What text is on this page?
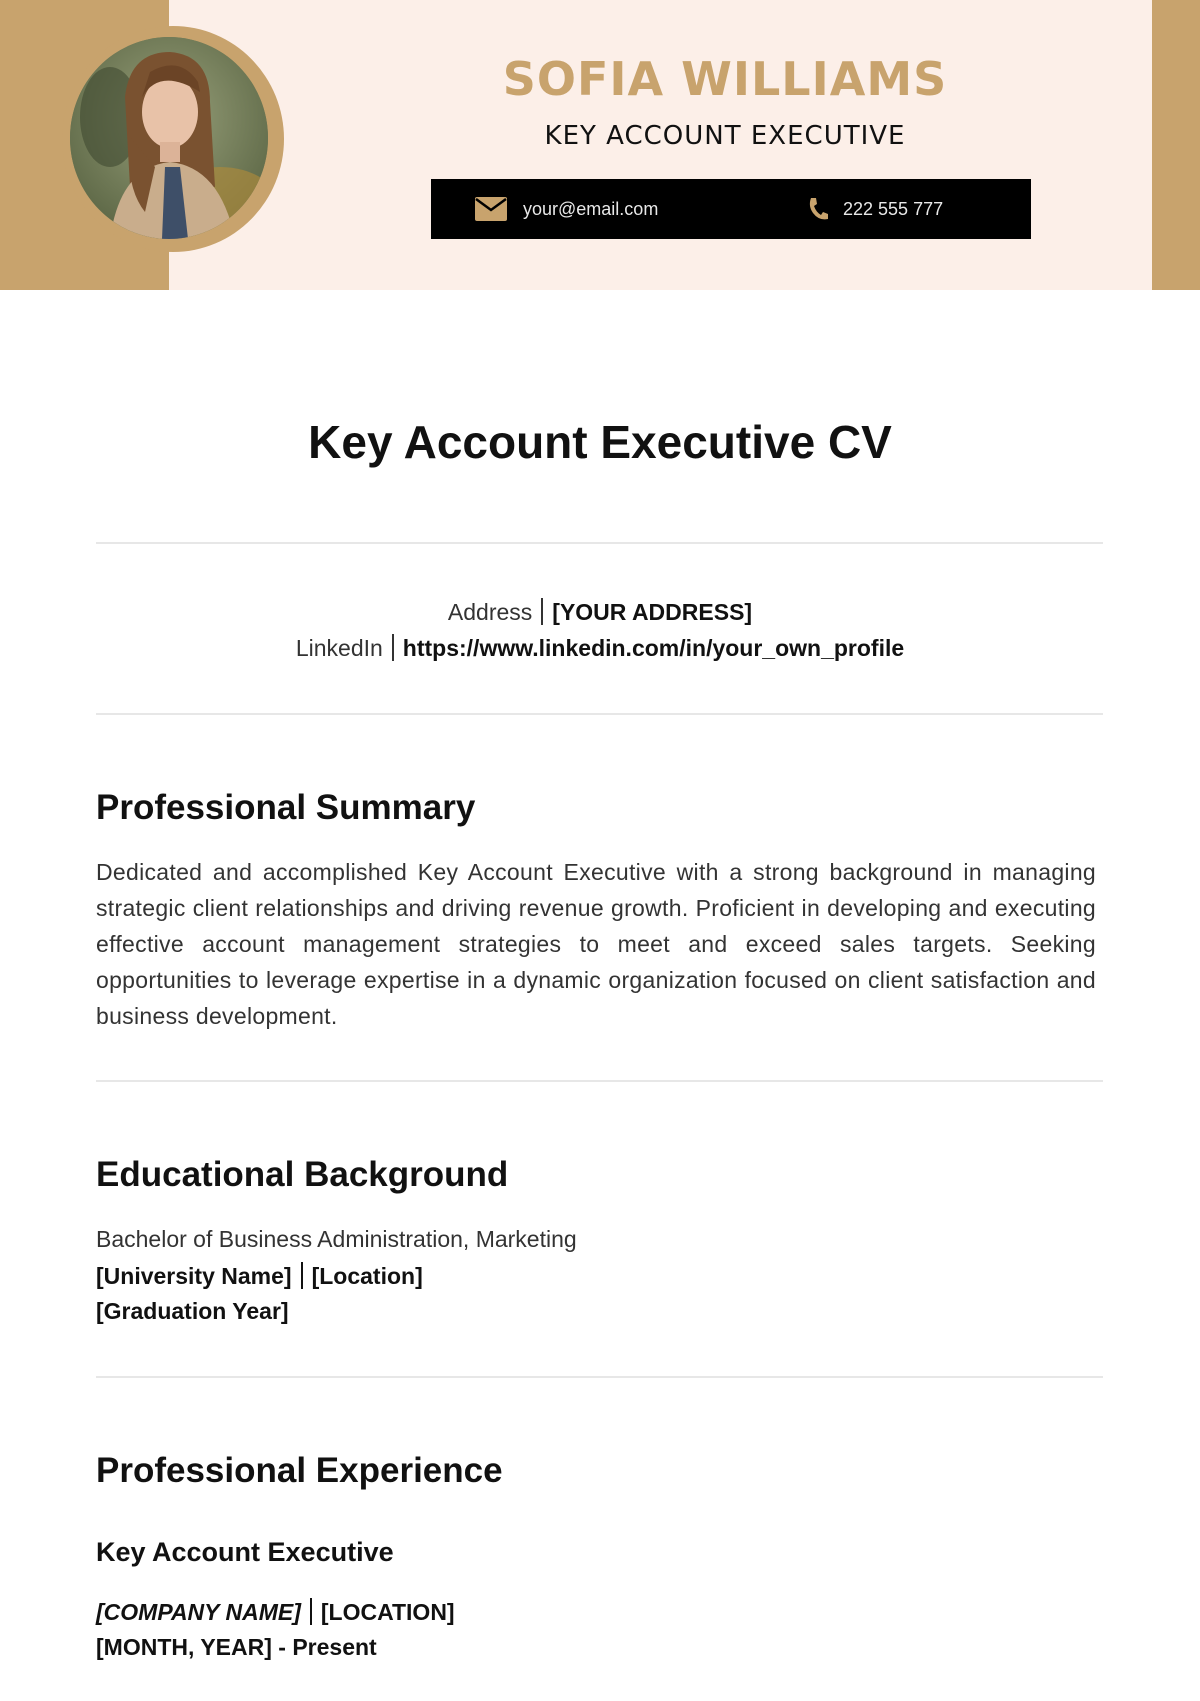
SOFIA WILLIAMS
KEY ACCOUNT EXECUTIVE
your@email.com	222 555 777
Key Account Executive CV
Address [YOUR ADDRESS]
LinkedIn https://www.linkedin.com/in/your_own_profile
Professional Summary
Dedicated and accomplished Key Account Executive with a strong background in managing strategic client relationships and driving revenue growth. Proficient in developing and executing effective account management strategies to meet and exceed sales targets. Seeking opportunities to leverage expertise in a dynamic organization focused on client satisfaction and business development.
Educational Background
Bachelor of Business Administration, Marketing
[University Name] [Location]
[Graduation Year]
Professional Experience
Key Account Executive
[COMPANY NAME] [LOCATION]
[MONTH, YEAR] - Present
